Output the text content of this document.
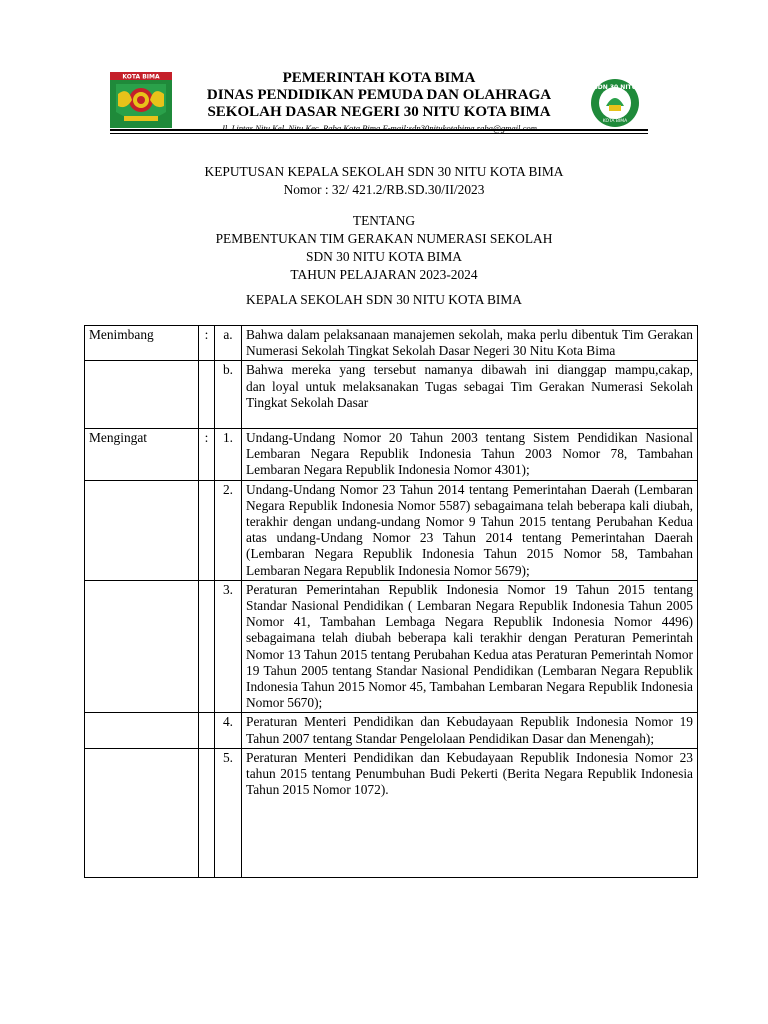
KOTA BIMA	PEMERINTAH KOTA BIMA
DINAS PENDIDIKAN PEMUDA DAN OLAHRAGA
SEKOLAH DASAR NEGERI 30 NITU KOTA BIMA
Jl. Lintas Nitu Kel. Nitu Kec. Raba Kota Bima E-mail:sdn30nitukotabima.raba@gmail.com
SDN 30 NITU
KOTA BIMA
KEPUTUSAN KEPALA SEKOLAH SDN 30 NITU KOTA BIMA
Nomor : 32/ 421.2/RB.SD.30/II/2023
TENTANG
PEMBENTUKAN TIM GERAKAN NUMERASI SEKOLAH
SDN 30 NITU KOTA BIMA
TAHUN PELAJARAN 2023-2024
KEPALA SEKOLAH SDN 30 NITU KOTA BIMA
Menimbang	:	a.	Bahwa dalam pelaksanaan manajemen sekolah, maka perlu dibentuk Tim Gerakan Numerasi Sekolah Tingkat Sekolah Dasar Negeri 30 Nitu Kota Bima
		b.	Bahwa mereka yang tersebut namanya dibawah ini dianggap mampu,cakap,
dan loyal untuk melaksanakan Tugas sebagai Tim Gerakan Numerasi Sekolah Tingkat Sekolah Dasar

Mengingat	:	1.	Undang-Undang Nomor 20 Tahun 2003 tentang Sistem Pendidikan Nasional Lembaran Negara Republik Indonesia Tahun 2003 Nomor 78, Tambahan Lembaran Negara Republik Indonesia Nomor 4301);
		2.	Undang-Undang Nomor 23 Tahun 2014 tentang Pemerintahan Daerah (Lembaran Negara Republik Indonesia Nomor 5587) sebagaimana telah beberapa kali diubah, terakhir dengan undang-undang Nomor 9 Tahun 2015 tentang Perubahan Kedua atas undang-Undang Nomor 23 Tahun 2014 tentang Pemerintahan Daerah (Lembaran Negara Republik Indonesia Tahun 2015 Nomor 58, Tambahan Lembaran Negara Republik Indonesia Nomor 5679);
		3.	Peraturan Pemerintahan Republik Indonesia Nomor 19 Tahun 2015 tentang Standar Nasional Pendidikan ( Lembaran Negara Republik Indonesia Tahun 2005 Nomor 41, Tambahan Lembaga Negara Republik Indonesia Nomor 4496) sebagaimana telah diubah beberapa kali terakhir dengan Peraturan Pemerintah Nomor 13 Tahun 2015 tentang Perubahan Kedua atas Peraturan Pemerintah Nomor 19 Tahun 2005 tentang Standar Nasional Pendidikan (Lembaran Negara Republik Indonesia Tahun 2015 Nomor 45, Tambahan Lembaran Negara Republik Indonesia Nomor 5670);
		4.	Peraturan Menteri Pendidikan dan Kebudayaan Republik Indonesia Nomor 19 Tahun 2007 tentang Standar Pengelolaan Pendidikan Dasar dan Menengah);
		5.	Peraturan Menteri Pendidikan dan Kebudayaan Republik Indonesia Nomor 23 tahun 2015 tentang Penumbuhan Budi Pekerti (Berita Negara Republik Indonesia Tahun 2015 Nomor 1072).
